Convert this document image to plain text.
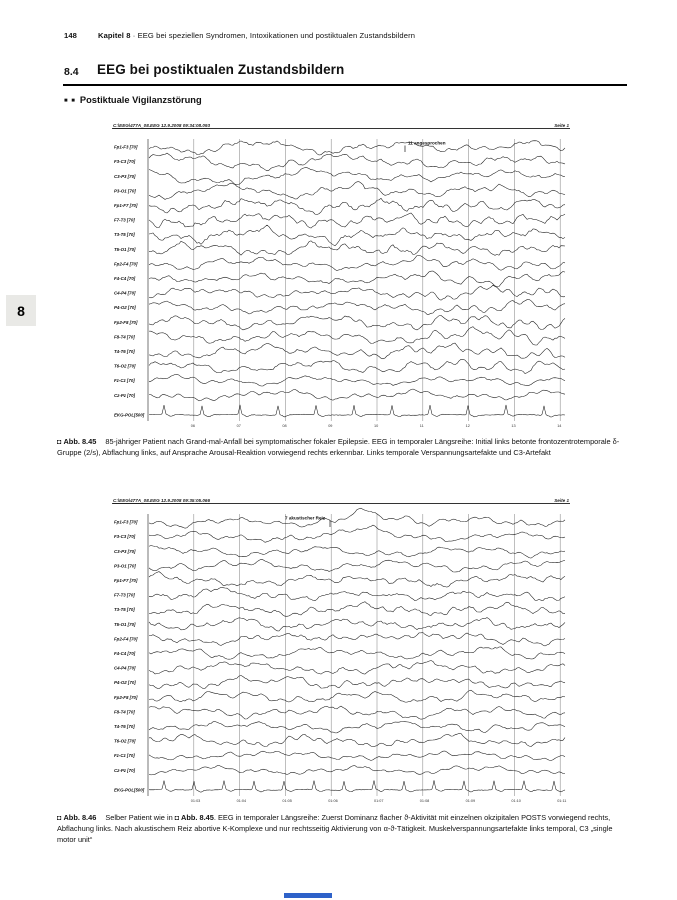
148	Kapitel 8 · EEG bei speziellen Syndromen, Intoxikationen und postiktualen Zustandsbildern
8.4 EEG bei postiktualen Zustandsbildern
■ ■ Postiktuale Vigilanzstörung
8
C:\EEG\477A_08.EEG 12.9.2008 09:34:08.093	Seite 1
06	07	08	09	10	11	12	13	14
11 angesprochen
Fp1-F3 [70]
F3-C3 [70]
C3-P3 [70]
P3-O1 [70]
Fp1-F7 [70]
F7-T3 [70]
T3-T5 [70]
T5-O1 [70]
Fp2-F4 [70]
F4-C4 [70]
C4-P4 [70]
P4-O2 [70]
Fp2-F8 [70]
F8-T4 [70]
T4-T6 [70]
T6-O2 [70]
Fz-Cz [70]
Cz-Pz [70]
EKG-POL[500]
◘ Abb. 8.45 85-jähriger Patient nach Grand-mal-Anfall bei symptomatischer fokaler Epilepsie. EEG in temporaler Längsreihe: Initial links betonte frontozentrotemporale δ-Gruppe (2/s), Abflachung links, auf Ansprache Arousal-Reaktion vorwiegend rechts erkennbar. Links temporale Verspannungsartefakte und C3-Artefakt
C:\EEG\477A_08.EEG 12.9.2008 09:35:05.066	Seite 1
01:03	01:04	01:05	01:06	01:07	01:08	01:09	01:10	01:11
7 akustischer Reiz
Fp1-F3 [70]
F3-C3 [70]
C3-P3 [70]
P3-O1 [70]
Fp1-F7 [70]
F7-T3 [70]
T3-T5 [70]
T5-O1 [70]
Fp2-F4 [70]
F4-C4 [70]
C4-P4 [70]
P4-O2 [70]
Fp2-F8 [70]
F8-T4 [70]
T4-T6 [70]
T6-O2 [70]
Fz-Cz [70]
Cz-Pz [70]
EKG-POL[500]
◘ Abb. 8.46 Selber Patient wie in ◘ Abb. 8.45. EEG in temporaler Längsreihe: Zuerst Dominanz flacher ϑ-Aktivität mit einzelnen okzipitalen POSTS vorwiegend rechts, Abflachung links. Nach akustischem Reiz abortive K-Komplexe und nur rechtsseitig Aktivierung von α-ϑ-Tätigkeit. Muskelverspannungsartefakte links temporal, C3 „single motor unit“
